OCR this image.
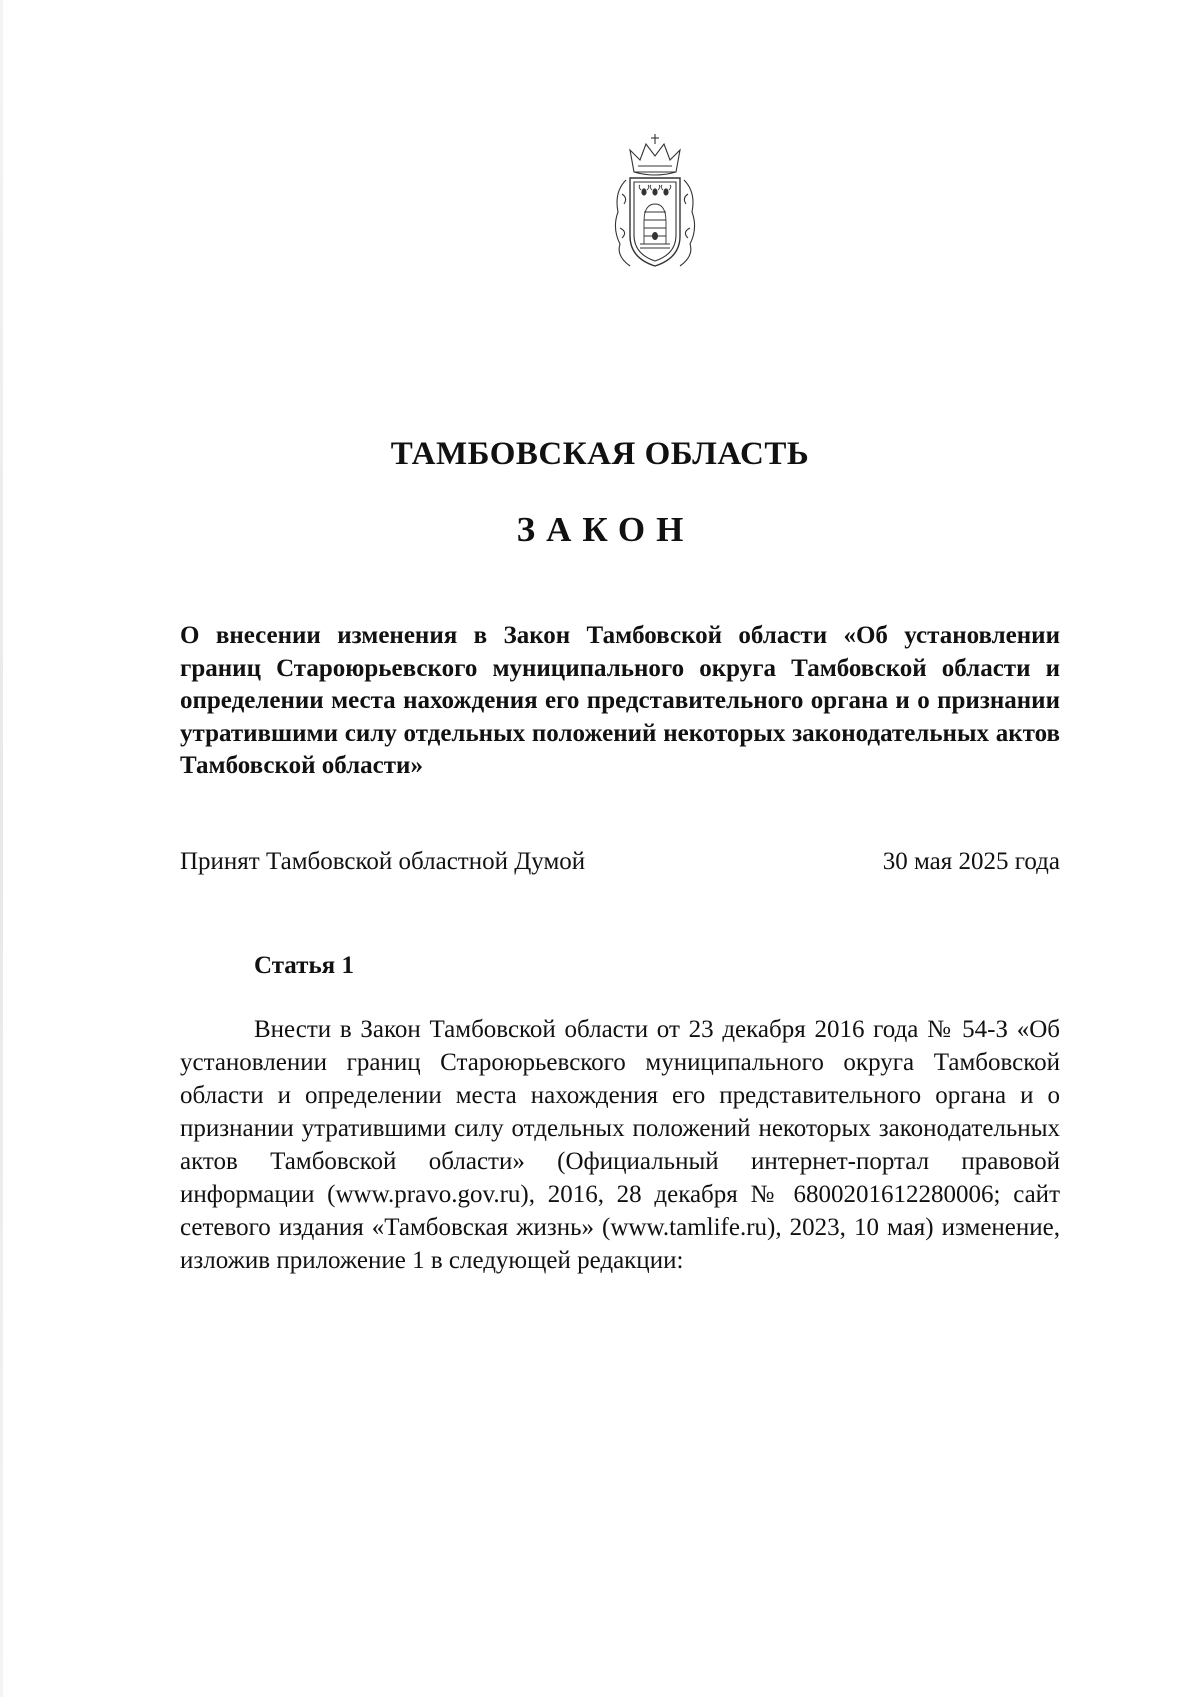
ТАМБОВСКАЯ ОБЛАСТЬ
ЗАКОН
О внесении изменения в Закон Тамбовской области «Об установлении границ Староюрьевского муниципального округа Тамбовской области и определении места нахождения его представительного органа и о признании утратившими силу отдельных положений некоторых законодательных актов Тамбовской области»
Принят Тамбовской областной Думой	30 мая 2025 года
Статья 1

Внести в Закон Тамбовской области от 23 декабря 2016 года № 54-З «Об установлении границ Староюрьевского муниципального округа Тамбовской области и определении места нахождения его представительного органа и о признании утратившими силу отдельных положений некоторых законодательных актов Тамбовской области» (Официальный интернет-портал правовой информации (www.pravo.gov.ru), 2016, 28 декабря № 6800201612280006; сайт сетевого издания «Тамбовская жизнь» (www.tamlife.ru), 2023, 10 мая) изменение, изложив приложение 1 в следующей редакции:
